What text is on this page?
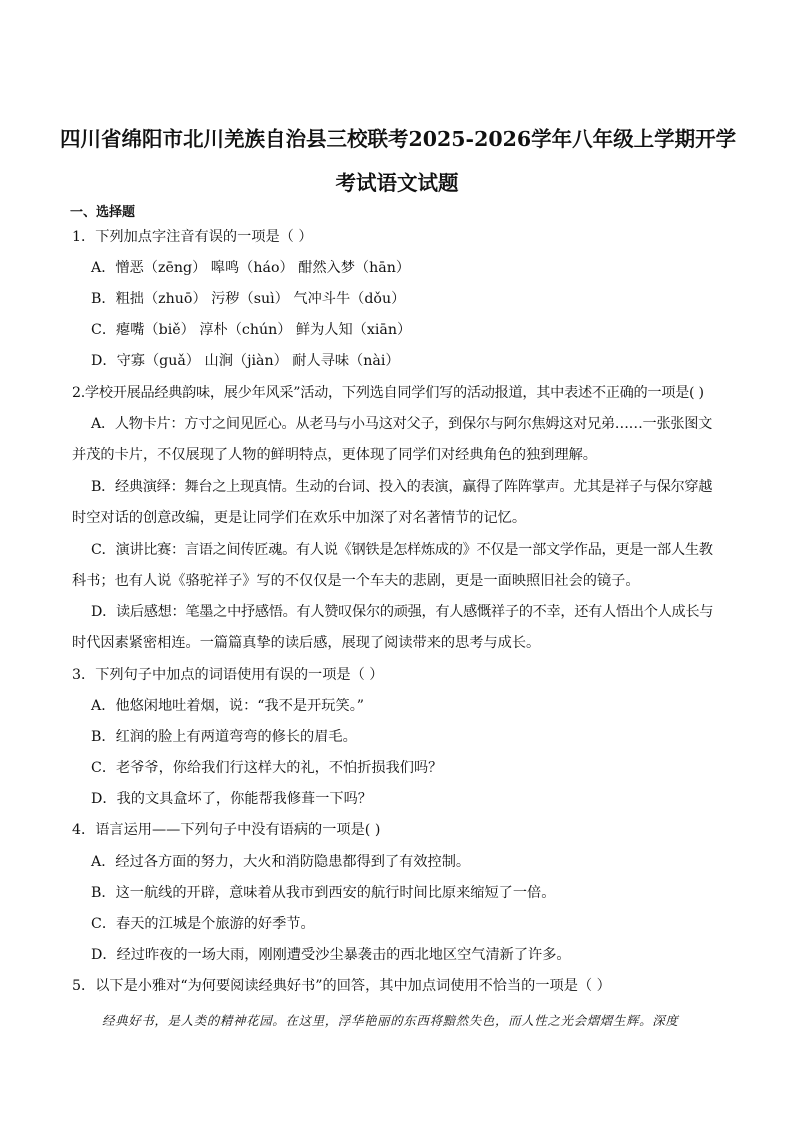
四川省绵阳市北川羌族自治县三校联考2025-2026学年八年级上学期开学
考试语文试题
一、选择题
1．下列加点字注音有误的一项是（ ）
A．憎恶（zēng） 嗥鸣（háo） 酣然入梦（hān）
B．粗拙（zhuō） 污秽（suì） 气冲斗牛（dǒu）
C．瘪嘴（biě） 淳朴（chún） 鲜为人知（xiān）
D．守寡（guǎ） 山涧（jiàn） 耐人寻味（nài）
2.学校开展品经典韵味，展少年风采”活动，下列选自同学们写的活动报道，其中表述不正确的一项是( )
A．人物卡片：方寸之间见匠心。从老马与小马这对父子，到保尔与阿尔焦姆这对兄弟……一张张图文
并茂的卡片，不仅展现了人物的鲜明特点，更体现了同学们对经典角色的独到理解。
B．经典演绎：舞台之上现真情。生动的台词、投入的表演，赢得了阵阵掌声。尤其是祥子与保尔穿越
时空对话的创意改编，更是让同学们在欢乐中加深了对名著情节的记忆。
C．演讲比赛：言语之间传匠魂。有人说《钢铁是怎样炼成的》不仅是一部文学作品，更是一部人生教
科书；也有人说《骆驼祥子》写的不仅仅是一个车夫的悲剧，更是一面映照旧社会的镜子。
D．读后感想：笔墨之中抒感悟。有人赞叹保尔的顽强，有人感慨祥子的不幸，还有人悟出个人成长与
时代因素紧密相连。一篇篇真挚的读后感，展现了阅读带来的思考与成长。
3．下列句子中加点的词语使用有误的一项是（ ）
A．他悠闲地吐着烟，说：“我不是开玩笑。”
B．红润的脸上有两道弯弯的修长的眉毛。
C．老爷爷，你给我们行这样大的礼，不怕折损我们吗？
D．我的文具盒坏了，你能帮我修葺一下吗？
4．语言运用——下列句子中没有语病的一项是( )
A．经过各方面的努力，大火和消防隐患都得到了有效控制。
B．这一航线的开辟，意味着从我市到西安的航行时间比原来缩短了一倍。
C．春天的江城是个旅游的好季节。
D．经过昨夜的一场大雨，刚刚遭受沙尘暴袭击的西北地区空气清新了许多。
5．以下是小雅对“为何要阅读经典好书”的回答，其中加点词使用不恰当的一项是（ ）
经典好书，是人类的精神花园。在这里，浮华艳丽的东西将黯然失色，而人性之光会熠熠生辉。深度
